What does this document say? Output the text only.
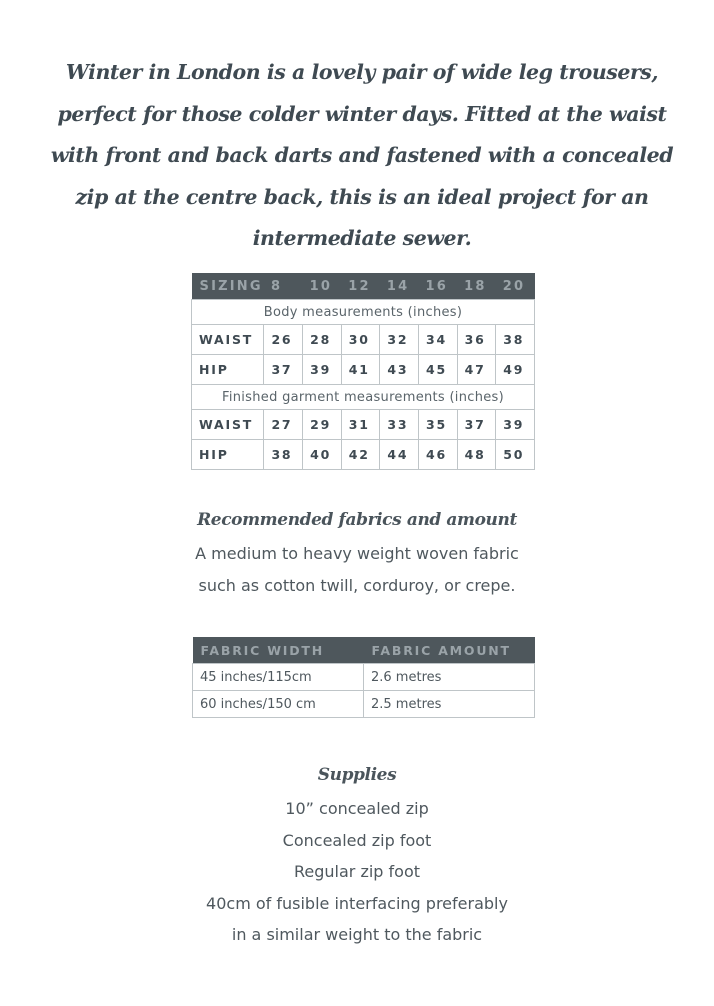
Winter in London is a lovely pair of wide leg trousers, perfect for those colder winter days. Fitted at the waist with front and back darts and fastened with a concealed zip at the centre back, this is an ideal project for an intermediate sewer.

SIZING	8	10	12	14	16	18	20
Body measurements (inches)							
WAIST	26	28	30	32	34	36	38
HIP	37	39	41	43	45	47	49
Finished garment measurements (inches)							
WAIST	27	29	31	33	35	37	39
HIP	38	40	42	44	46	48	50
Recommended fabrics and amount
A medium to heavy weight woven fabric
such as cotton twill, corduroy, or crepe.
FABRIC WIDTH	FABRIC AMOUNT
45 inches/115cm	2.6 metres
60 inches/150 cm	2.5 metres
Supplies
10” concealed zip
Concealed zip foot
Regular zip foot
40cm of fusible interfacing preferably
in a similar weight to the fabric
